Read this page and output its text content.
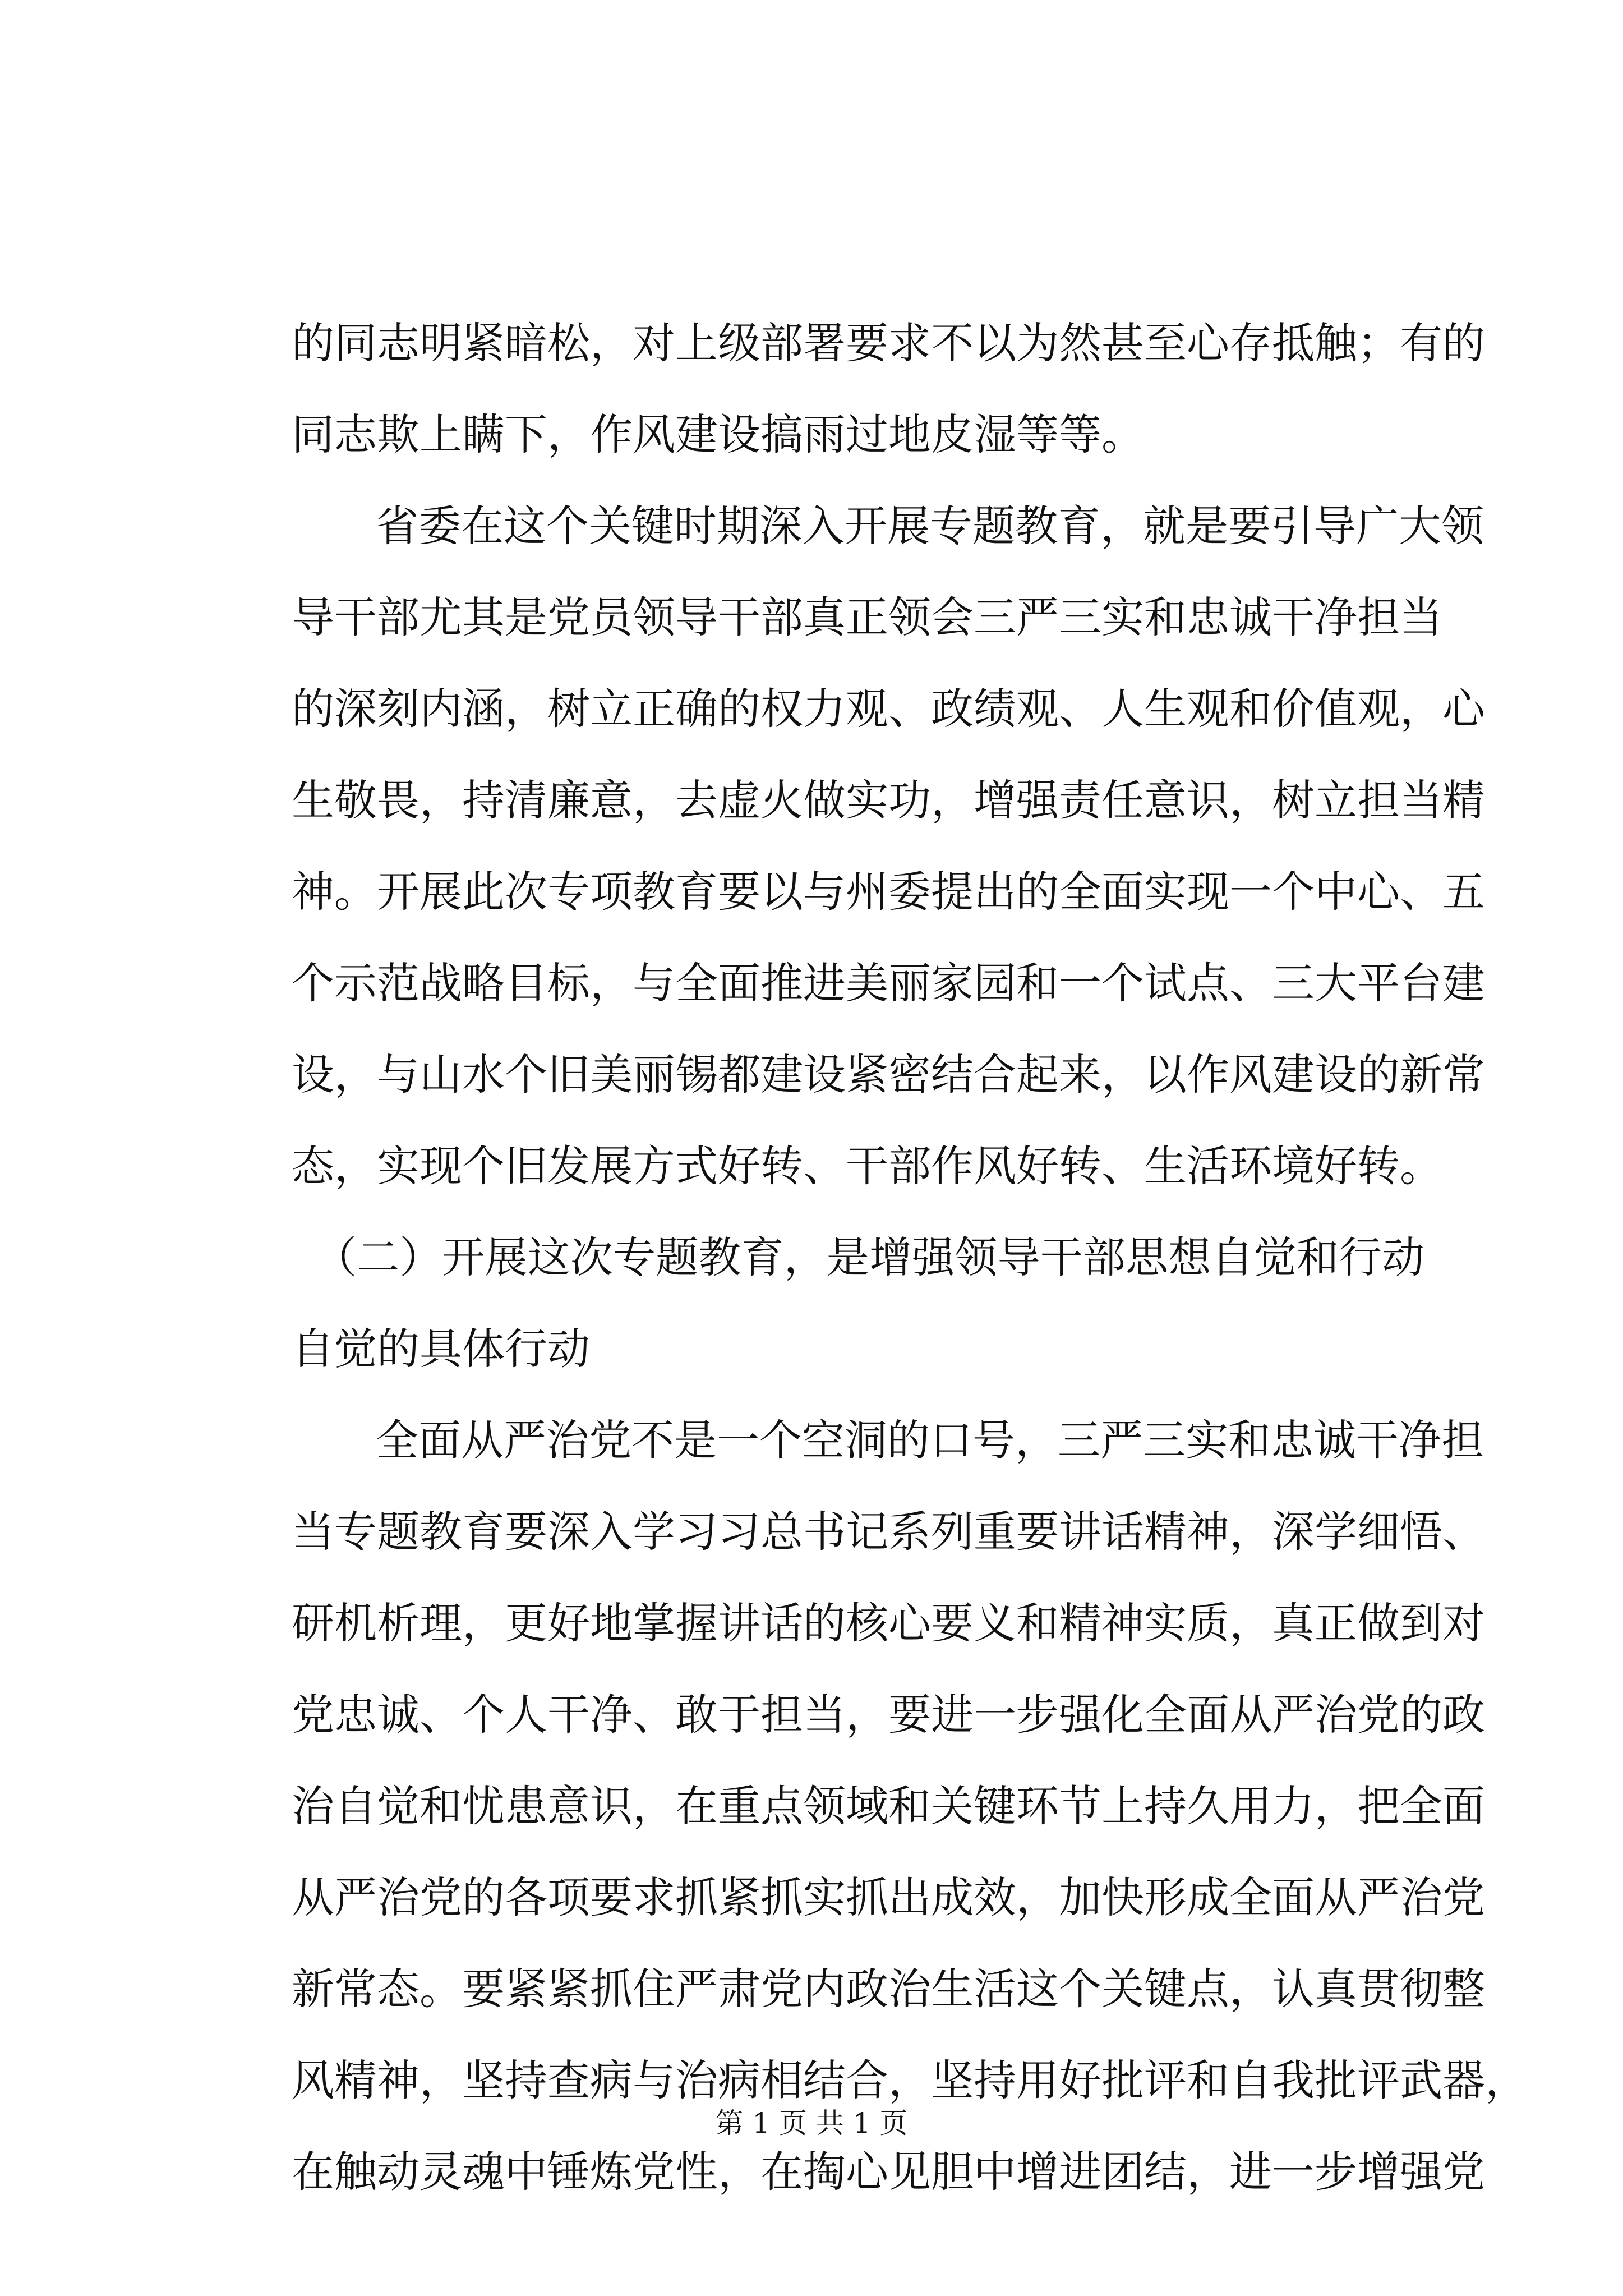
的同志明紧暗松，对上级部署要求不以为然甚至心存抵触；有的
同志欺上瞒下，作风建设搞雨过地皮湿等等。
省委在这个关键时期深入开展专题教育，就是要引导广大领
导干部尤其是党员领导干部真正领会三严三实和忠诚干净担当
的深刻内涵，树立正确的权力观、政绩观、人生观和价值观，心
生敬畏，持清廉意，去虚火做实功，增强责任意识，树立担当精
神。开展此次专项教育要以与州委提出的全面实现一个中心、五
个示范战略目标，与全面推进美丽家园和一个试点、三大平台建
设，与山水个旧美丽锡都建设紧密结合起来，以作风建设的新常
态，实现个旧发展方式好转、干部作风好转、生活环境好转。
（二）开展这次专题教育，是增强领导干部思想自觉和行动
自觉的具体行动
全面从严治党不是一个空洞的口号，三严三实和忠诚干净担
当专题教育要深入学习习总书记系列重要讲话精神，深学细悟、
研机析理，更好地掌握讲话的核心要义和精神实质，真正做到对
党忠诚、个人干净、敢于担当，要进一步强化全面从严治党的政
治自觉和忧患意识，在重点领域和关键环节上持久用力，把全面
从严治党的各项要求抓紧抓实抓出成效，加快形成全面从严治党
新常态。要紧紧抓住严肃党内政治生活这个关键点，认真贯彻整
风精神，坚持查病与治病相结合，坚持用好批评和自我批评武器，
在触动灵魂中锤炼党性，在掏心见胆中增进团结，进一步增强党
第 1 页 共 1 页
